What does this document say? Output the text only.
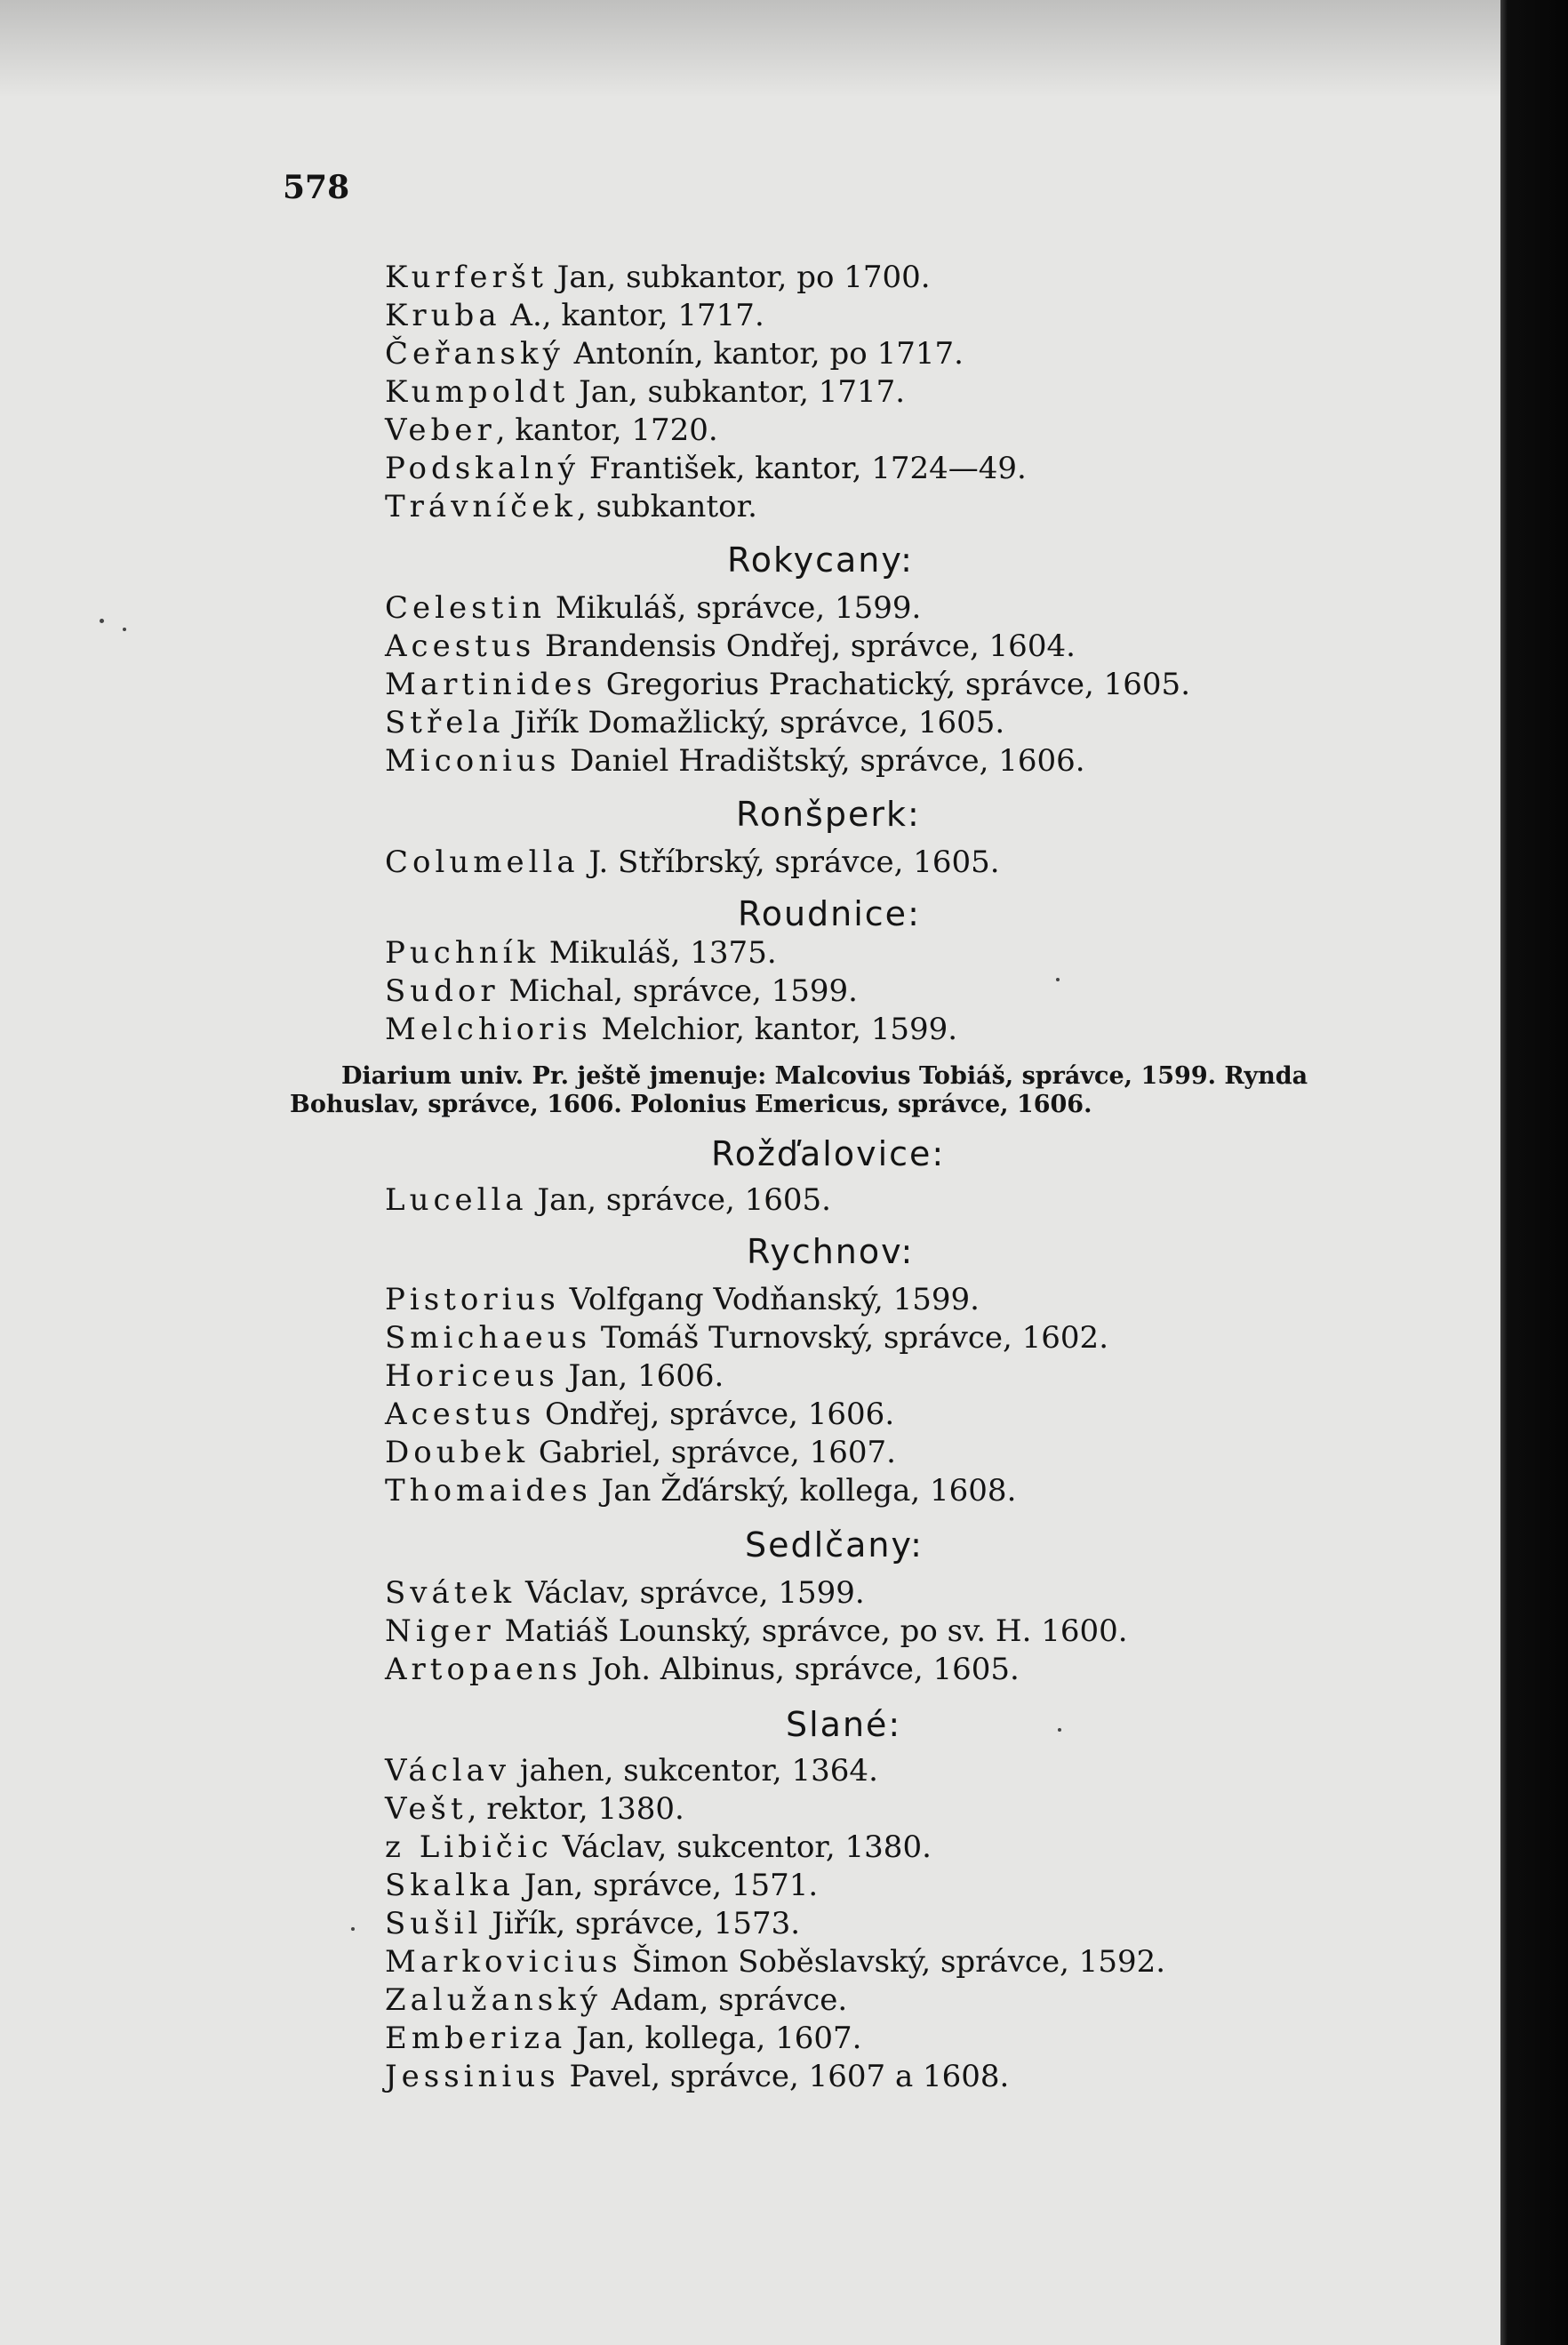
578
Kurferšt Jan, subkantor, po 1700.
Kruba A., kantor, 1717.
Čeřanský Antonín, kantor, po 1717.
Kumpoldt Jan, subkantor, 1717.
Veber, kantor, 1720.
Podskalný František, kantor, 1724—49.
Trávníček, subkantor.
Rokycany:
Celestin Mikuláš, správce, 1599.
Acestus Brandensis Ondřej, správce, 1604.
Martinides Gregorius Prachatický, správce, 1605.
Střela Jiřík Domažlický, správce, 1605.
Miconius Daniel Hradištský, správce, 1606.
Ronšperk:
Columella J. Stříbrský, správce, 1605.
Roudnice:
Puchník Mikuláš, 1375.
Sudor Michal, správce, 1599.
Melchioris Melchior, kantor, 1599.
Diarium univ. Pr. ještě jmenuje: Malcovius Tobiáš, správce, 1599. Rynda
Bohuslav, správce, 1606. Polonius Emericus, správce, 1606.
Rožďalovice:
Lucella Jan, správce, 1605.
Rychnov:
Pistorius Volfgang Vodňanský, 1599.
Smichaeus Tomáš Turnovský, správce, 1602.
Horiceus Jan, 1606.
Acestus Ondřej, správce, 1606.
Doubek Gabriel, správce, 1607.
Thomaides Jan Žďárský, kollega, 1608.
Sedlčany:
Svátek Václav, správce, 1599.
Niger Matiáš Lounský, správce, po sv. H. 1600.
Artopaens Joh. Albinus, správce, 1605.
Slané:
Václav jahen, sukcentor, 1364.
Vešt, rektor, 1380.
z Libičic Václav, sukcentor, 1380.
Skalka Jan, správce, 1571.
Sušil Jiřík, správce, 1573.
Markovicius Šimon Soběslavský, správce, 1592.
Zalužanský Adam, správce.
Emberiza Jan, kollega, 1607.
Jessinius Pavel, správce, 1607 a 1608.
